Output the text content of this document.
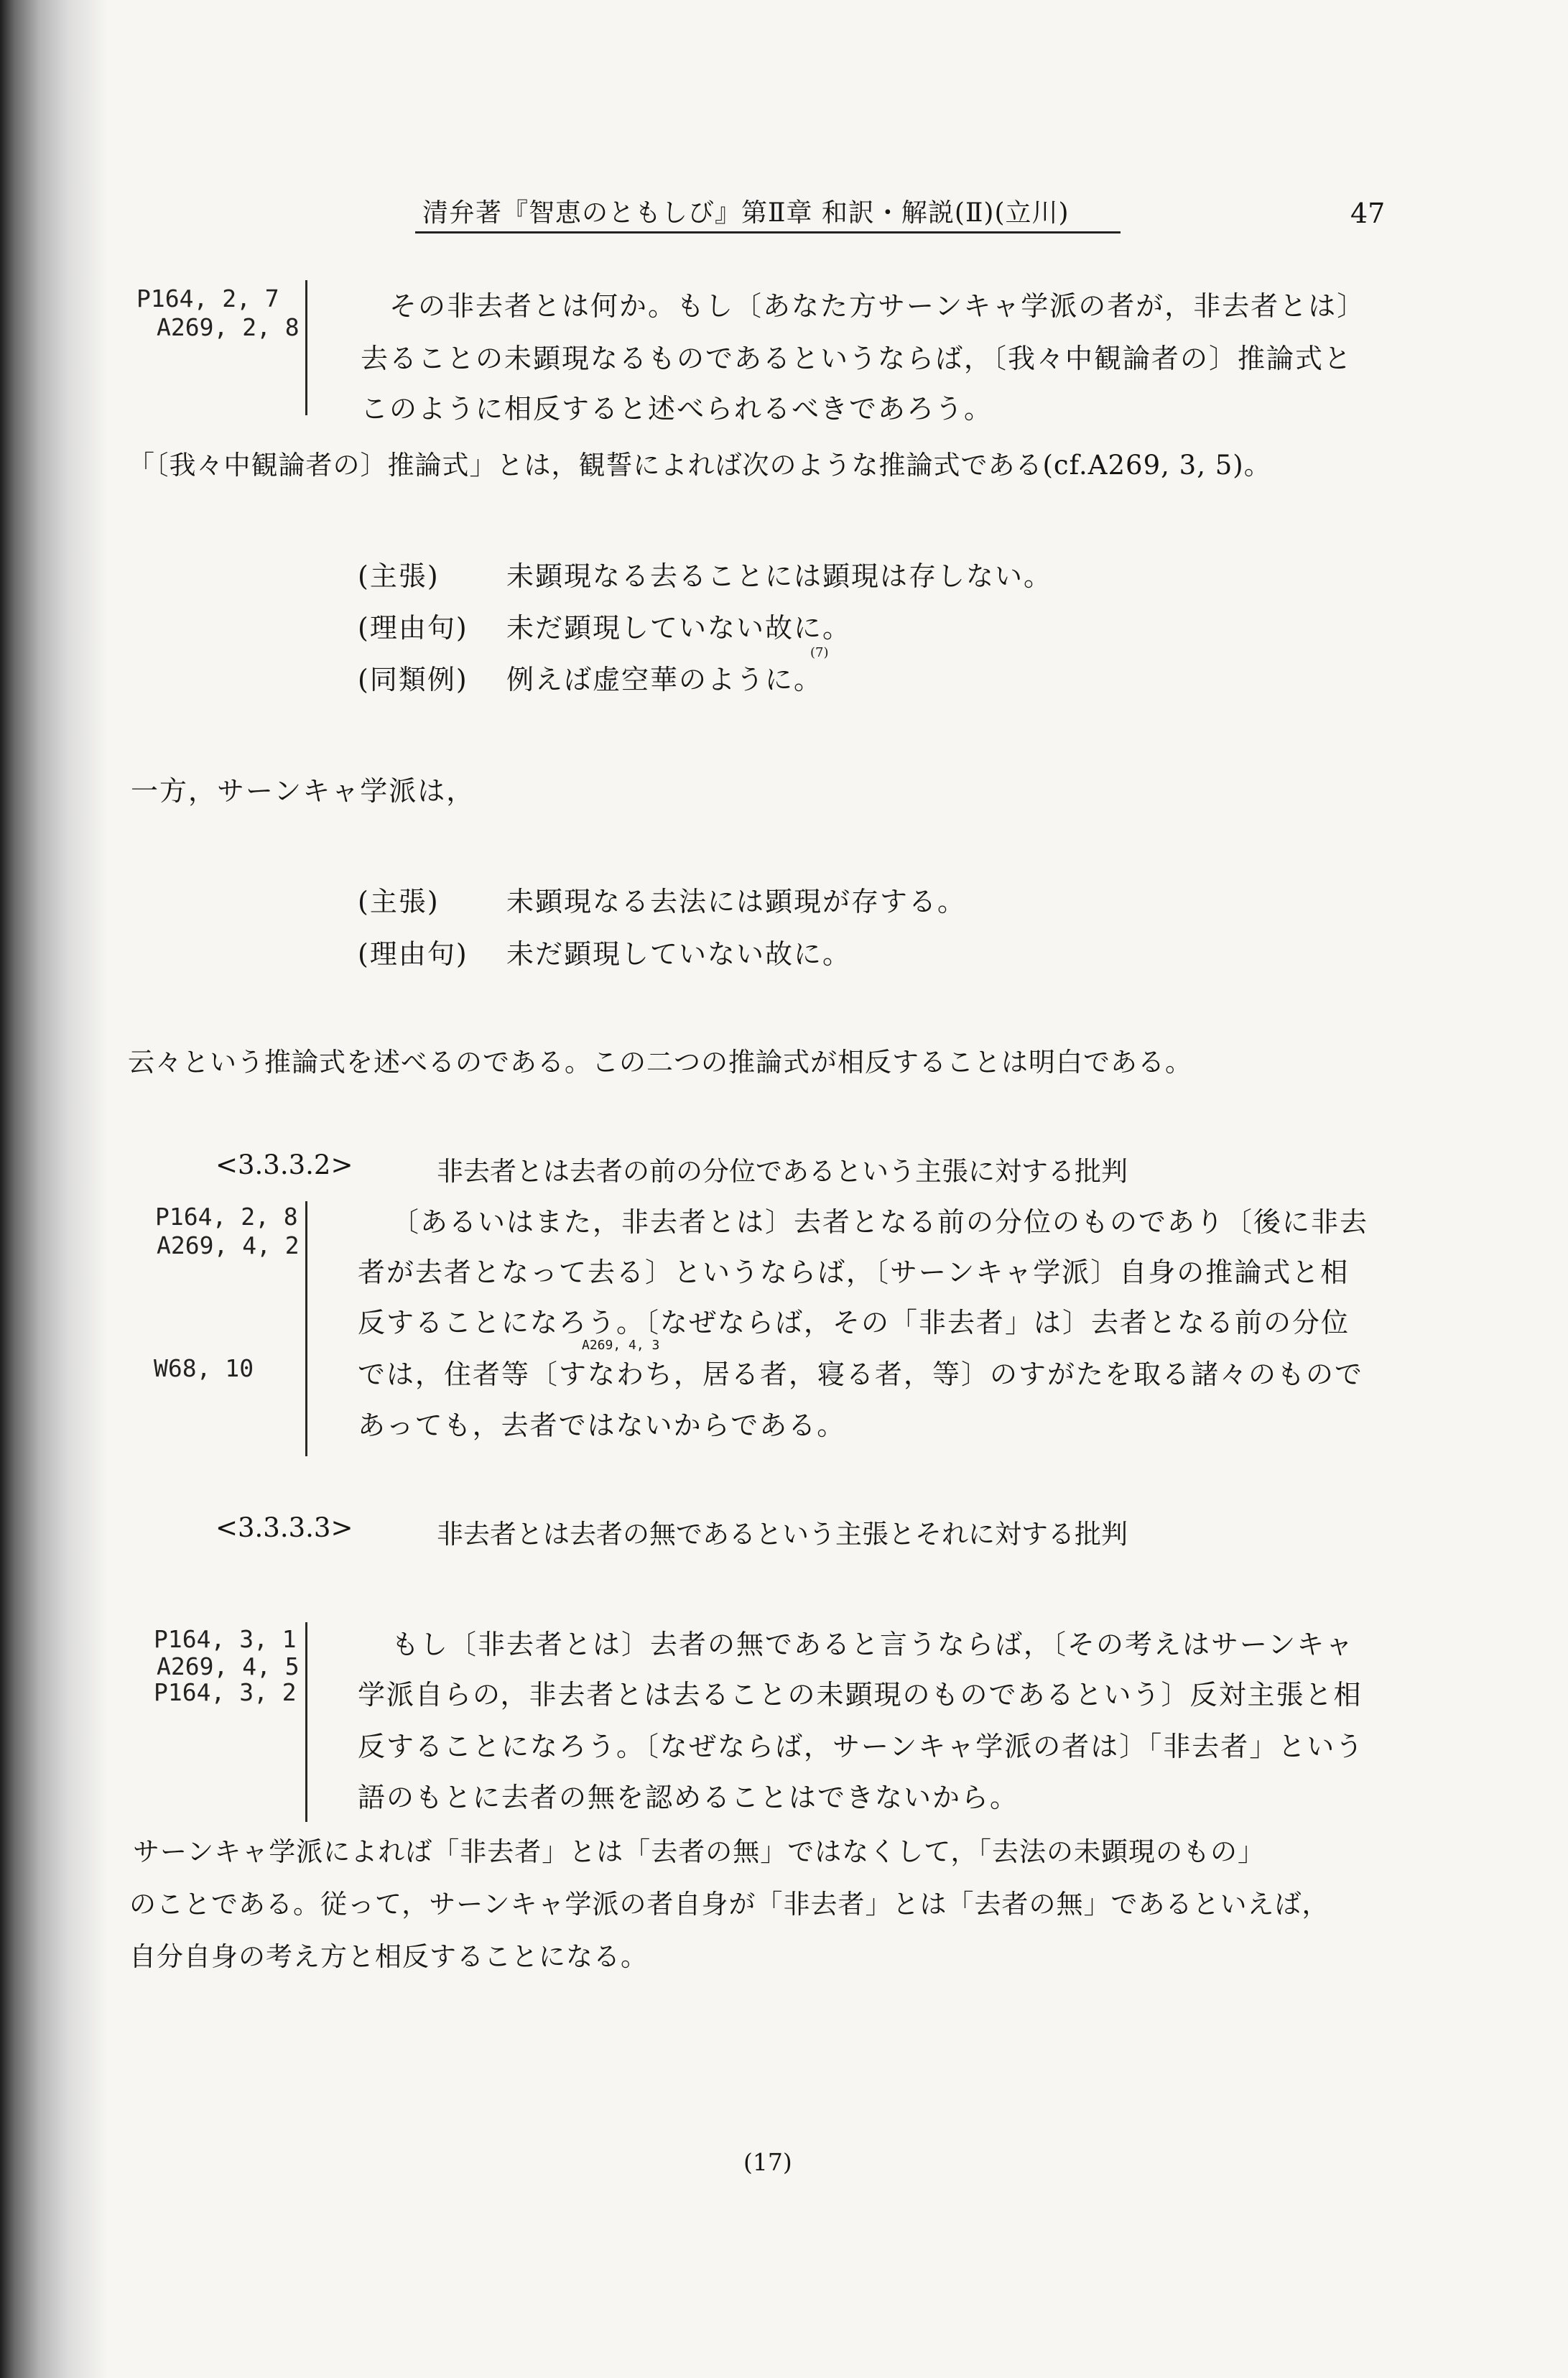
清弁著『智恵のともしび』第Ⅱ章 和訳・解説(Ⅱ)(立川)	47
P164, 2, 7
A269, 2, 8
その非去者とは何か。もし〔あなた方サーンキャ学派の者が，非去者とは〕
去ることの未顕現なるものであるというならば，〔我々中観論者の〕推論式と
このように相反すると述べられるべきであろう。
「〔我々中観論者の〕推論式」とは，観誓によれば次のような推論式である(cf.A269, 3, 5)。
(主張) 未顕現なる去ることには顕現は存しない。
(理由句) 未だ顕現していない故に。
(7)
(同類例) 例えば虚空華のように。
一方，サーンキャ学派は，
(主張) 未顕現なる去法には顕現が存する。
(理由句) 未だ顕現していない故に。
云々という推論式を述べるのである。この二つの推論式が相反することは明白である。
<3.3.3.2>	非去者とは去者の前の分位であるという主張に対する批判
P164, 2, 8
A269, 4, 2
W68, 10
〔あるいはまた，非去者とは〕去者となる前の分位のものであり〔後に非去
者が去者となって去る〕というならば，〔サーンキャ学派〕自身の推論式と相
反することになろう。〔なぜならば，その「非去者」は〕去者となる前の分位
A269, 4, 3
では，住者等〔すなわち，居る者，寝る者，等〕のすがたを取る諸々のもので
あっても，去者ではないからである。
<3.3.3.3>	非去者とは去者の無であるという主張とそれに対する批判
P164, 3, 1
A269, 4, 5
P164, 3, 2
もし〔非去者とは〕去者の無であると言うならば，〔その考えはサーンキャ
学派自らの，非去者とは去ることの未顕現のものであるという〕反対主張と相
反することになろう。〔なぜならば，サーンキャ学派の者は〕「非去者」という
語のもとに去者の無を認めることはできないから。
サーンキャ学派によれば「非去者」とは「去者の無」ではなくして，「去法の未顕現のもの」
のことである。従って，サーンキャ学派の者自身が「非去者」とは「去者の無」であるといえば，
自分自身の考え方と相反することになる。
(17)
